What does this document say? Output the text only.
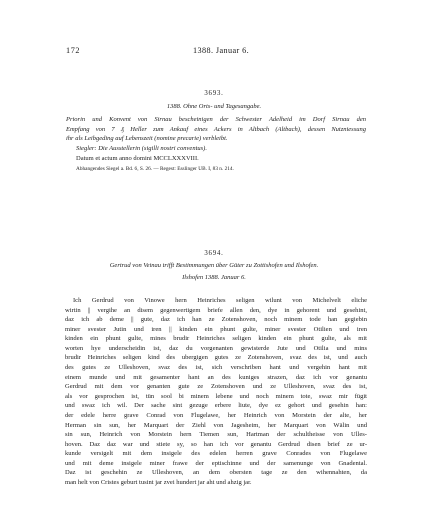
172	1388. Januar 6.
3693.
1388. Ohne Orts- und Tagesangabe.

Priorin und Konvent von Sirnau bescheinigen der Schwester Adelheid im Dorf Sirnau den

Empfang von 7 ₰ Heller zum Ankauf eines Ackers in Altbach (Altbach), dessen Nutzniessung

ihr als Leibgeding auf Lebenszeit (nomine precarie) verbleibt.

Siegler: Die Ausstellerin (sigilli nostri conventus).
Datum et actum anno domini MCCLXXXVIII.
Abhangendes Siegel a. Bd. 6, S. 26. — Regest: Esslinger UB. I, 83 n. 214.
3694.
Gertrud von Veinau trifft Bestimmungen über Güter zu Zottishofen und Ilshofen.
Ilshofen 1388. Januar 6.

Ich Gerdrud von Vinowe hern Heinriches seligen wilunt von Michelvelt eliche

wirtin || vergihe an disem gegenwertigem briefe allen den, dye in gehorent und gesehint,

daz ich ab deme || gute, daz ich han ze Zotenshoven, noch minem tode han gegiebin

miner svester Jutin und iren || kinden ein phunt gulte, miner svester Otilien und iren

kinden ein phunt gulte, mines brudir Heinriches seligen kinden ein phunt gulte, als mit

worten hye underscheidin ist, daz du vorgenanten gewisterde Jute und Otilia und mins

brudir Heinriches seligen kind des ubergigen gutes ze Zotenshoven, svaz des ist, und auch

des gutes ze Ulleshoven, svaz des ist, sich verschriben hant und vergehin hant mit

einem munde und mit gesamenter hant an des kuniges strazen, daz ich vor genantu

Gerdrud mit dem vor genanten gute ze Zotenshoven und ze Ulleshoven, svaz des ist,

als vor gesprochen ist, tün sool bi minem lebene und noch minem tote, swaz mir fügit

und swaz ich wil. Der sache sint gezuge erbere liute, dye ez gehort und gesehin han:

der edele herre grave Conrad von Flugelawe, her Heinrich von Morstein der alte, her

Herman sin sun, her Marquart der Ziehl von Jagesheim, her Marquart von Wälin und

sin sun, Heinrich von Morstein hern Tiemen sun, Hartman der schultheisse von Ulles-

hoven. Daz daz war und stiete sy, so han ich vor genantu Gerdrud disen brief ze ur-

kunde versigelt mit dem insigele des edelen herren grave Conrades von Flugelawe

und mit deme insigele miner frawe der eptischinne und der samenunge von Gnadental.

Daz ist geschehin ze Ulleshoven, an dem obersten tage ze den wihennahten, da

man helt von Cristes geburt tusint jar zvei hundert jar aht und ahzig jar.
